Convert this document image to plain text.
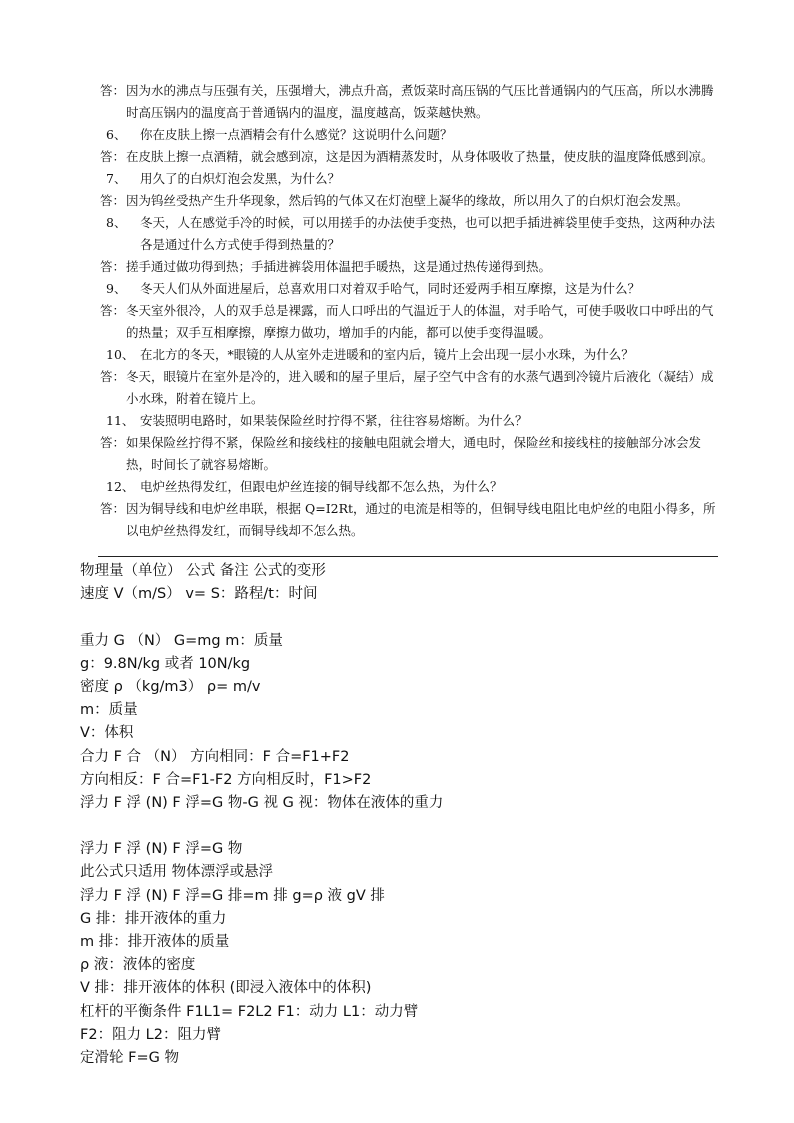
答： 因为水的沸点与压强有关，压强增大，沸点升高，煮饭菜时高压锅的气压比普通锅内的气压高，所以水沸腾时高压锅内的温度高于普通锅内的温度，温度越高，饭菜越快熟。
6、	你在皮肤上擦一点酒精会有什么感觉？这说明什么问题？
答： 在皮肤上擦一点酒精，就会感到凉，这是因为酒精蒸发时，从身体吸收了热量，使皮肤的温度降低感到凉。
7、	用久了的白炽灯泡会发黑，为什么？
答： 因为钨丝受热产生升华现象，然后钨的气体又在灯泡壁上凝华的缘故，所以用久了的白炽灯泡会发黑。
8、	冬天，人在感觉手冷的时候，可以用搓手的办法使手变热，也可以把手插进裤袋里使手变热，这两种办法各是通过什么方式使手得到热量的？
答： 搓手通过做功得到热；手插进裤袋用体温把手暖热，这是通过热传递得到热。
9、	冬天人们从外面进屋后，总喜欢用口对着双手哈气，同时还爱两手相互摩擦，这是为什么？
答： 冬天室外很冷，人的双手总是裸露，而人口呼出的气温近于人的体温，对手哈气，可使手吸收口中呼出的气的热量；双手互相摩擦，摩擦力做功，增加手的内能，都可以使手变得温暖。
10、 在北方的冬天，*眼镜的人从室外走进暖和的室内后，镜片上会出现一层小水珠，为什么？
答： 冬天，眼镜片在室外是冷的，进入暖和的屋子里后，屋子空气中含有的水蒸气遇到冷镜片后液化（凝结）成小水珠，附着在镜片上。
11、 安装照明电路时，如果装保险丝时拧得不紧，往往容易熔断。为什么？
答： 如果保险丝拧得不紧，保险丝和接线柱的接触电阻就会增大，通电时，保险丝和接线柱的接触部分冰会发热，时间长了就容易熔断。
12、 电炉丝热得发红，但跟电炉丝连接的铜导线都不怎么热，为什么？
答： 因为铜导线和电炉丝串联，根据 Q=I2Rt，通过的电流是相等的，但铜导线电阻比电炉丝的电阻小得多，所以电炉丝热得发红，而铜导线却不怎么热。
物理量（单位） 公式 备注 公式的变形
速度 V（m/S） v= S：路程/t：时间
重力 G （N） G=mg m：质量
g：9.8N/kg 或者 10N/kg
密度 ρ （kg/m3） ρ= m/v
m：质量
V：体积
合力 F 合 （N） 方向相同：F 合=F1+F2
方向相反：F 合=F1-F2 方向相反时，F1>F2
浮力 F 浮 (N) F 浮=G 物-G 视 G 视：物体在液体的重力
浮力 F 浮 (N) F 浮=G 物
此公式只适用 物体漂浮或悬浮
浮力 F 浮 (N) F 浮=G 排=m 排 g=ρ 液 gV 排
G 排：排开液体的重力
m 排：排开液体的质量
ρ 液：液体的密度
V 排：排开液体的体积 (即浸入液体中的体积)
杠杆的平衡条件 F1L1= F2L2 F1：动力 L1：动力臂
F2：阻力 L2：阻力臂
定滑轮 F=G 物
